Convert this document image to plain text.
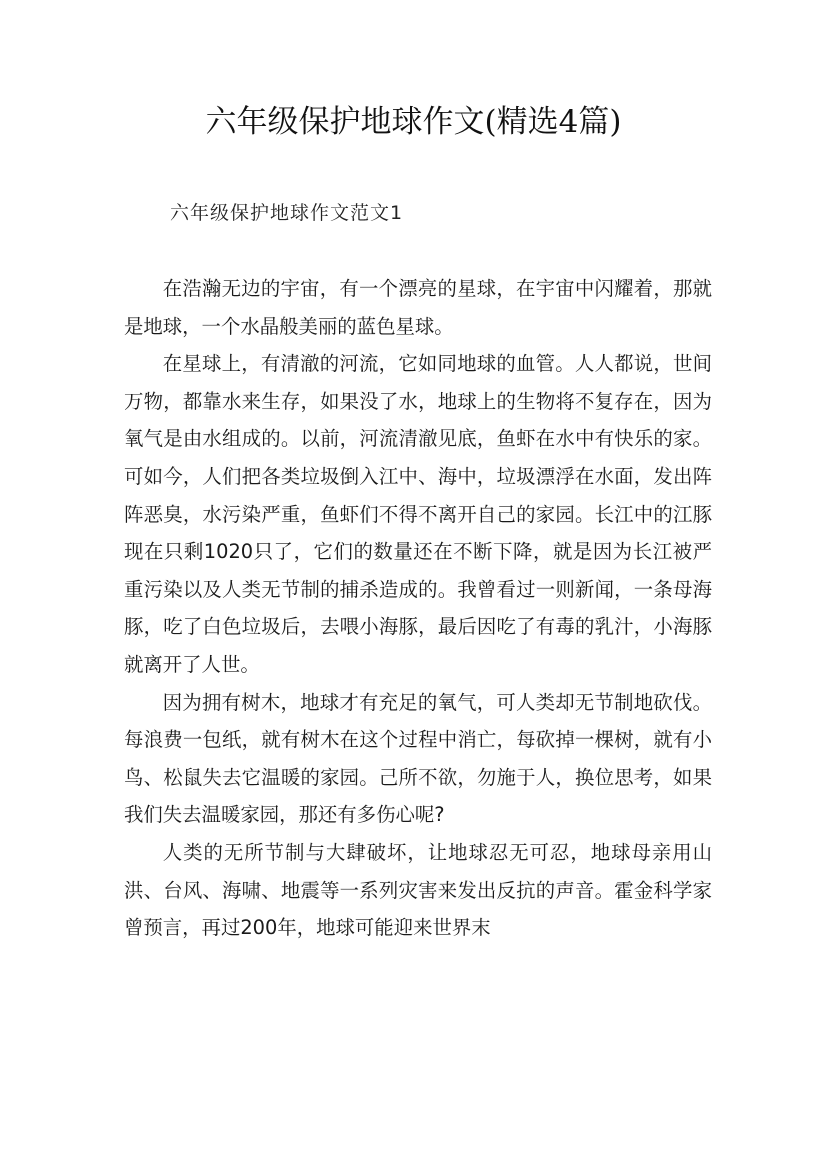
六年级保护地球作文(精选4篇)
六年级保护地球作文范文1

在浩瀚无边的宇宙，有一个漂亮的星球，在宇宙中闪耀着，那就是地球，一个水晶般美丽的蓝色星球。

在星球上，有清澈的河流，它如同地球的血管。人人都说，世间万物，都靠水来生存，如果没了水，地球上的生物将不复存在，因为氧气是由水组成的。以前，河流清澈见底，鱼虾在水中有快乐的家。可如今，人们把各类垃圾倒入江中、海中，垃圾漂浮在水面，发出阵阵恶臭，水污染严重，鱼虾们不得不离开自己的家园。长江中的江豚现在只剩1020只了，它们的数量还在不断下降，就是因为长江被严重污染以及人类无节制的捕杀造成的。我曾看过一则新闻，一条母海豚，吃了白色垃圾后，去喂小海豚，最后因吃了有毒的乳汁，小海豚就离开了人世。

因为拥有树木，地球才有充足的氧气，可人类却无节制地砍伐。每浪费一包纸，就有树木在这个过程中消亡，每砍掉一棵树，就有小鸟、松鼠失去它温暖的家园。己所不欲，勿施于人，换位思考，如果我们失去温暖家园，那还有多伤心呢?

人类的无所节制与大肆破坏，让地球忍无可忍，地球母亲用山洪、台风、海啸、地震等一系列灾害来发出反抗的声音。霍金科学家曾预言，再过200年，地球可能迎来世界末
